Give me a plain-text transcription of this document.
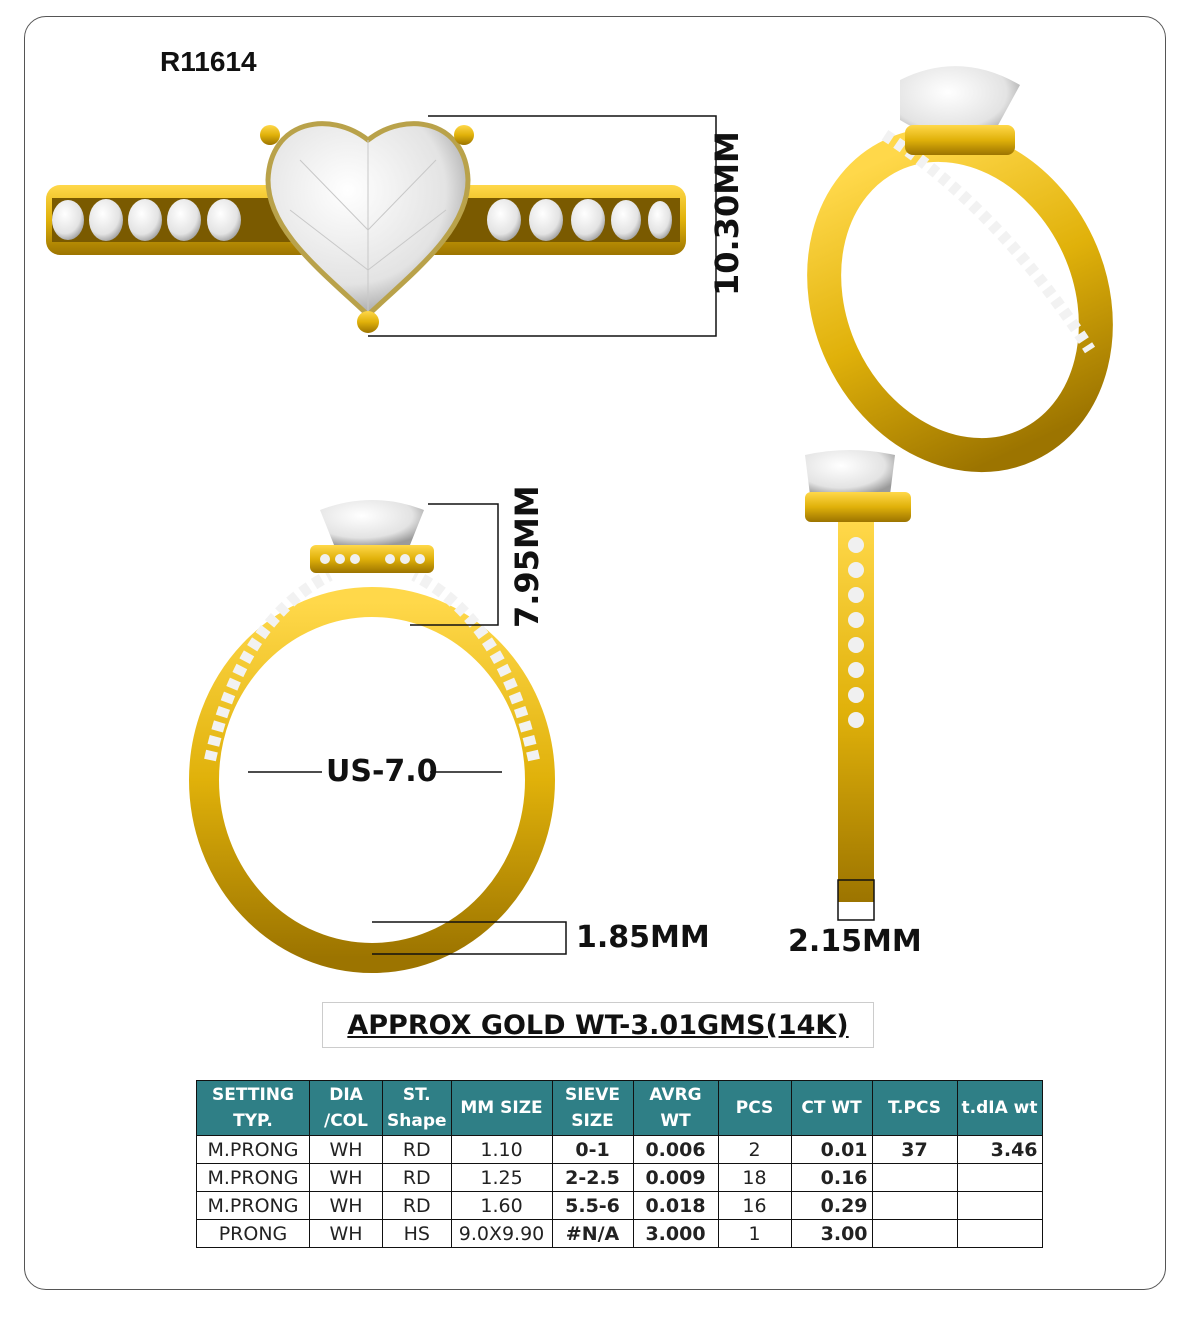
R11614
10.30MM
7.95MM
US-7.0
1.85MM	2.15MM
APPROX GOLD WT-3.01GMS(14K)
SETTING TYP.	DIA /COL	ST. Shape	MM SIZE	SIEVE SIZE	AVRG WT	PCS	CT WT	T.PCS	t.dIA wt
M.PRONG	WH	RD	1.10	0-1	0.006	2	0.01	37	3.46
M.PRONG	WH	RD	1.25	2-2.5	0.009	18	0.16		
M.PRONG	WH	RD	1.60	5.5-6	0.018	16	0.29		
PRONG	WH	HS	9.0X9.90	#N/A	3.000	1	3.00		
